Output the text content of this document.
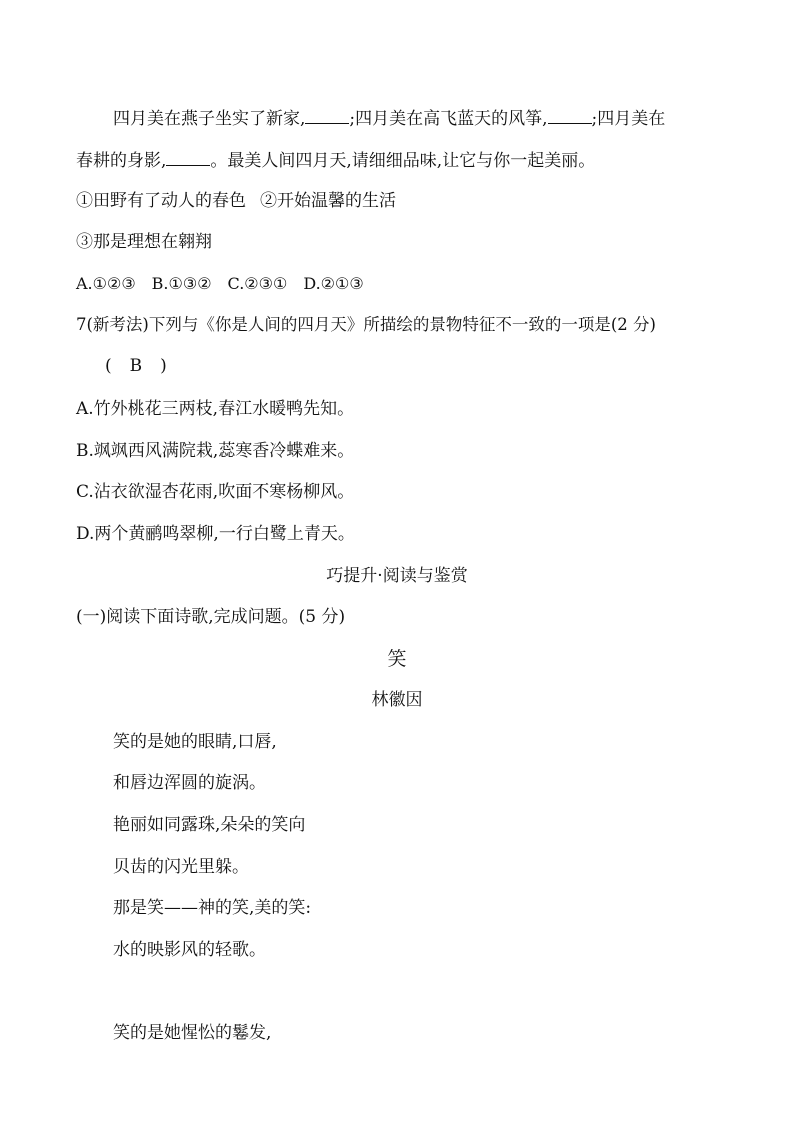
四月美在燕子坐实了新家,	;四月美在高飞蓝天的风筝,	;四月美在
春耕的身影,	。最美人间四月天,请细细品味,让它与你一起美丽。
①田野有了动人的春色 ②开始温馨的生活
③那是理想在翱翔
A.①②③　B.①③②　C.②③①　D.②①③
7(新考法)下列与《你是人间的四月天》所描绘的景物特征不一致的一项是(2 分)
( B )
A.竹外桃花三两枝,春江水暖鸭先知。
B.飒飒西风满院栽,蕊寒香冷蝶难来。
C.沾衣欲湿杏花雨,吹面不寒杨柳风。
D.两个黄鹂鸣翠柳,一行白鹭上青天。
巧提升·阅读与鉴赏
(一)阅读下面诗歌,完成问题。(5 分)
笑
林徽因
笑的是她的眼睛,口唇,
和唇边浑圆的旋涡。
艳丽如同露珠,朵朵的笑向
贝齿的闪光里躲。
那是笑——神的笑,美的笑:
水的映影风的轻歌。
笑的是她惺忪的鬈发,
